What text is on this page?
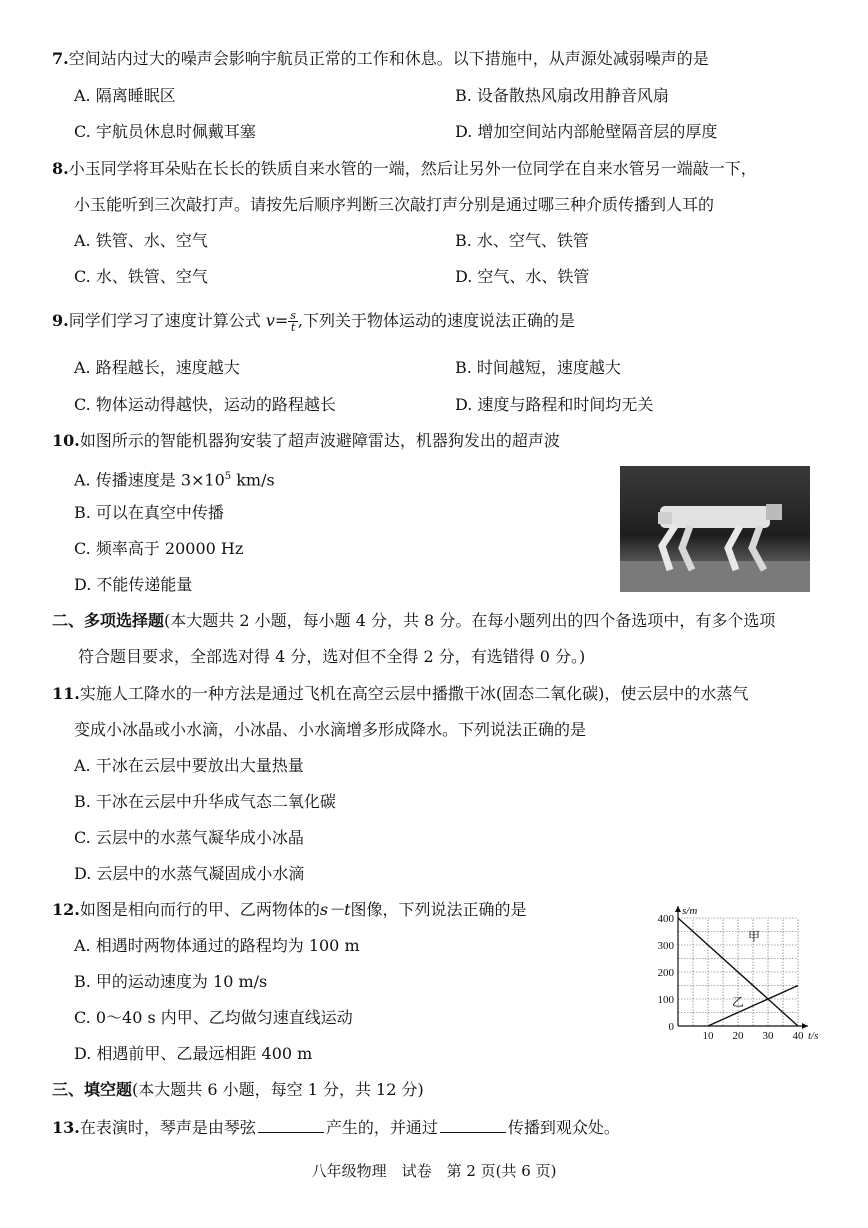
7.空间站内过大的噪声会影响宇航员正常的工作和休息。以下措施中，从声源处减弱噪声的是
A. 隔离睡眠区	B. 设备散热风扇改用静音风扇
C. 宇航员休息时佩戴耳塞	D. 增加空间站内部舱壁隔音层的厚度
8.小玉同学将耳朵贴在长长的铁质自来水管的一端，然后让另外一位同学在自来水管另一端敲一下，
小玉能听到三次敲打声。请按先后顺序判断三次敲打声分别是通过哪三种介质传播到人耳的
A. 铁管、水、空气	B. 水、空气、铁管
C. 水、铁管、空气	D. 空气、水、铁管
9.同学们学习了速度计算公式 $v= \frac{s}{t}$ ,下列关于物体运动的速度说法正确的是
A. 路程越长，速度越大	B. 时间越短，速度越大
C. 物体运动得越快，运动的路程越长	D. 速度与路程和时间均无关
10.如图所示的智能机器狗安装了超声波避障雷达，机器狗发出的超声波
A. 传播速度是 $3\times 10^5$ km/s
B. 可以在真空中传播
C. 频率高于 20000 Hz
D. 不能传递能量
二、多项选择题(本大题共 2 小题，每小题 4 分，共 8 分。在每小题列出的四个备选项中，有多个选项
符合题目要求，全部选对得 4 分，选对但不全得 2 分，有选错得 0 分。)
11.实施人工降水的一种方法是通过飞机在高空云层中播撒干冰(固态二氧化碳)，使云层中的水蒸气
变成小冰晶或小水滴，小冰晶、小水滴增多形成降水。下列说法正确的是
A. 干冰在云层中要放出大量热量
B. 干冰在云层中升华成气态二氧化碳
C. 云层中的水蒸气凝华成小冰晶
D. 云层中的水蒸气凝固成小水滴
12.如图是相向而行的甲、乙两物体的s－t图像，下列说法正确的是
A. 相遇时两物体通过的路程均为 100 m
B. 甲的运动速度为 10 m/s
C. 0～40 s 内甲、乙均做匀速直线运动
D. 相遇前甲、乙最远相距 400 m
0
100
200
300
400
10 20 30 40
s/m
t/s
甲
乙
三、填空题(本大题共 6 小题，每空 1 分，共 12 分)
13.在表演时，琴声是由琴弦	产生的，并通过	传播到观众处。
八年级物理　试卷　第 2 页(共 6 页)
